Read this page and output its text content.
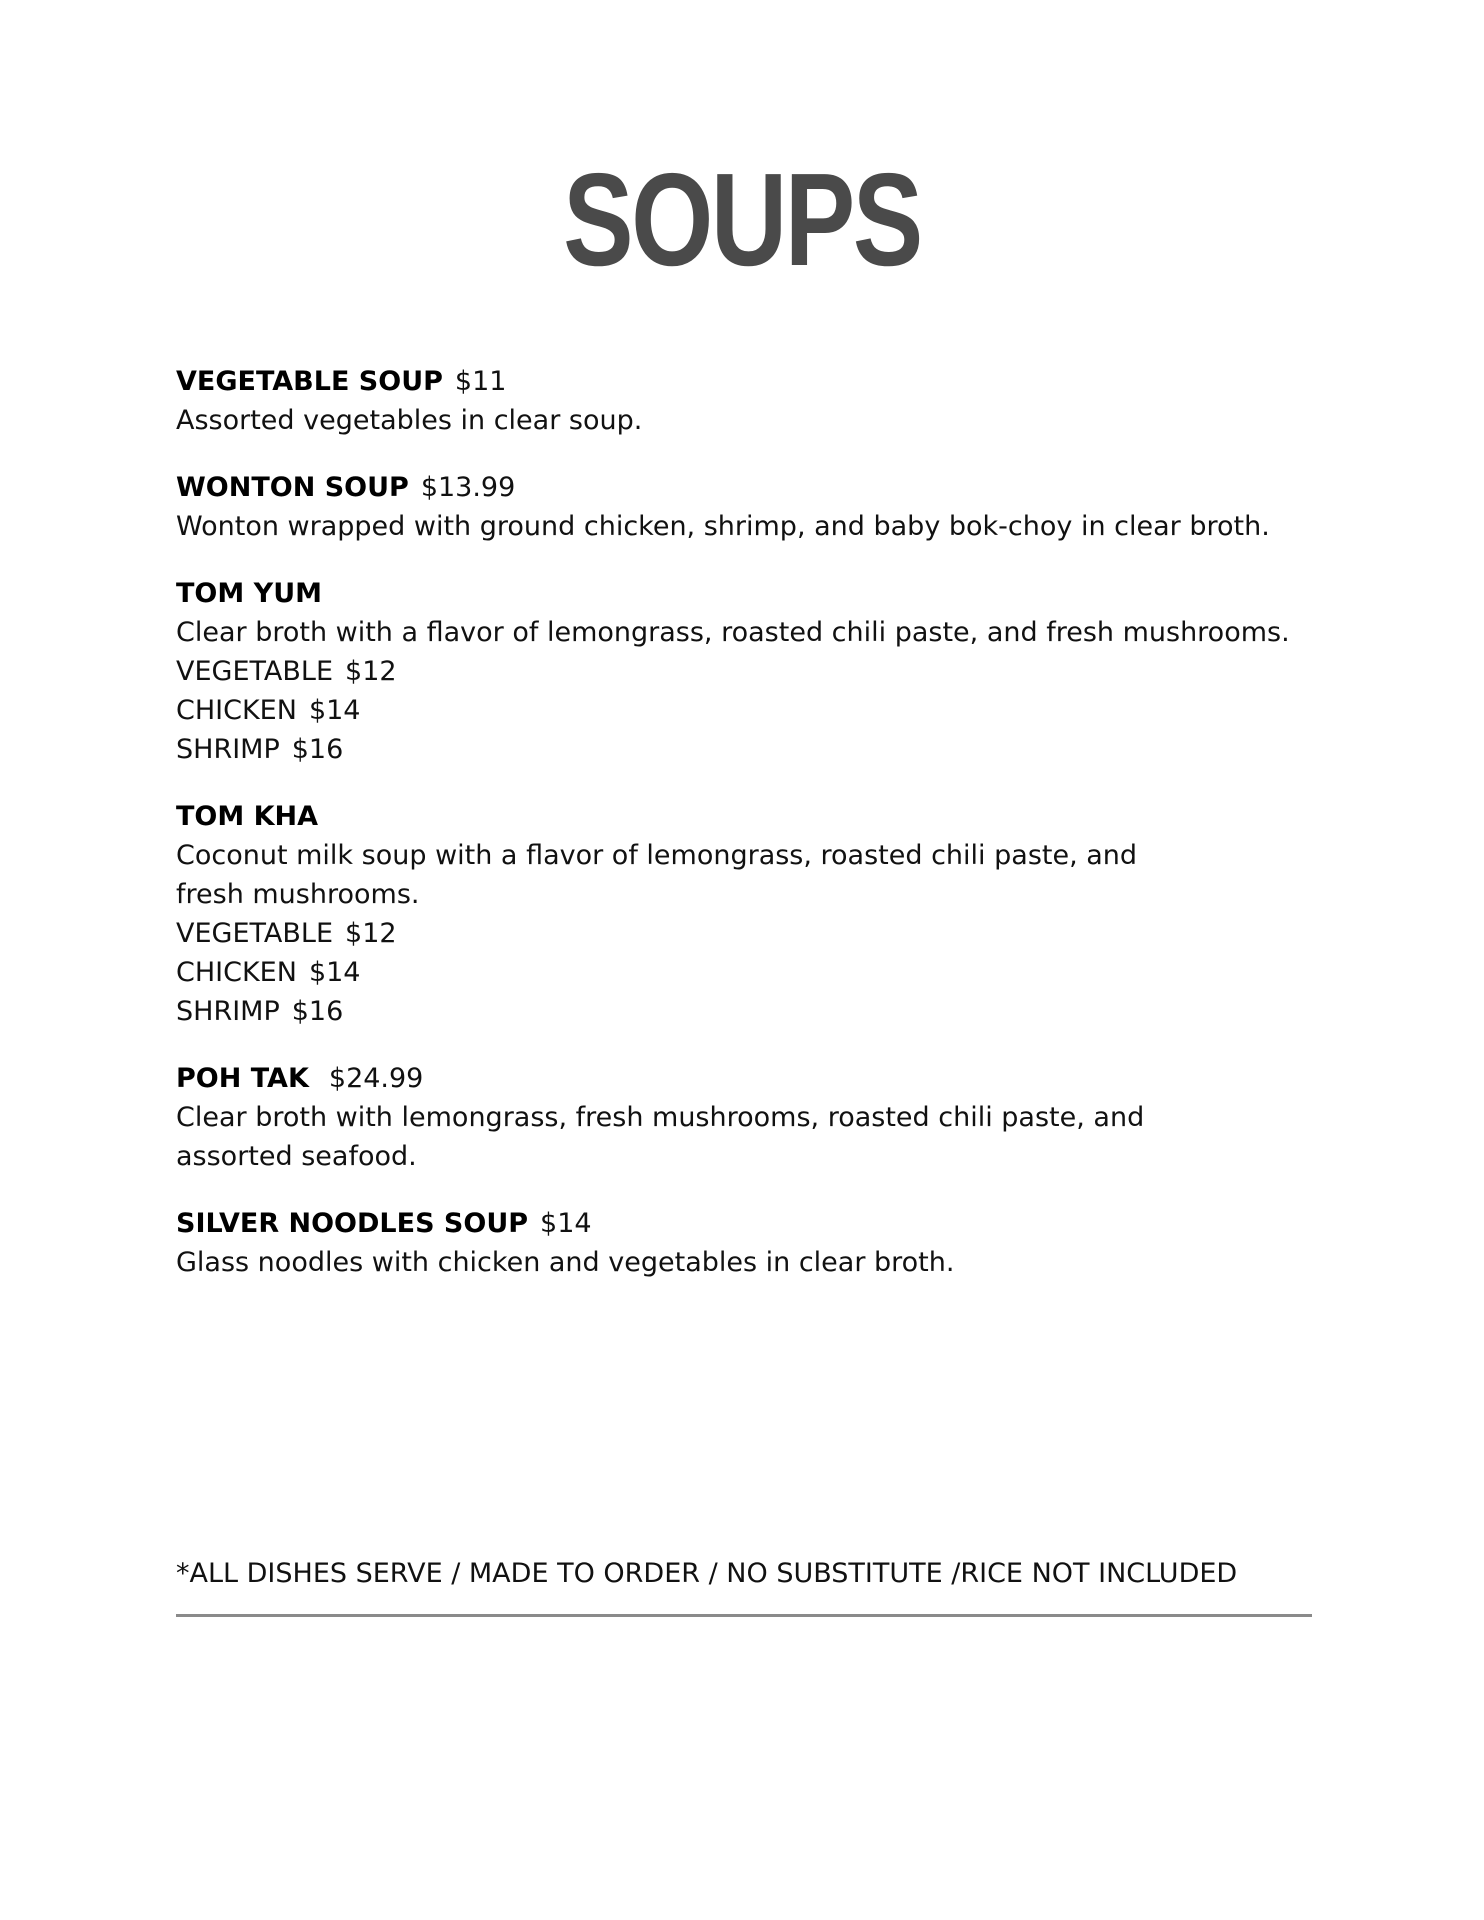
SOUPS
VEGETABLE SOUP $11
Assorted vegetables in clear soup.
WONTON SOUP $13.99
Wonton wrapped with ground chicken, shrimp, and baby bok-choy in clear broth.
TOM YUM
Clear broth with a flavor of lemongrass, roasted chili paste, and fresh mushrooms.
VEGETABLE $12
CHICKEN $14
SHRIMP $16
TOM KHA
Coconut milk soup with a flavor of lemongrass, roasted chili paste, and fresh mushrooms.
VEGETABLE $12
CHICKEN $14
SHRIMP $16
POH TAK $24.99
Clear broth with lemongrass, fresh mushrooms, roasted chili paste, and assorted seafood.
SILVER NOODLES SOUP $14
Glass noodles with chicken and vegetables in clear broth.
*ALL DISHES SERVE / MADE TO ORDER / NO SUBSTITUTE /RICE NOT INCLUDED
